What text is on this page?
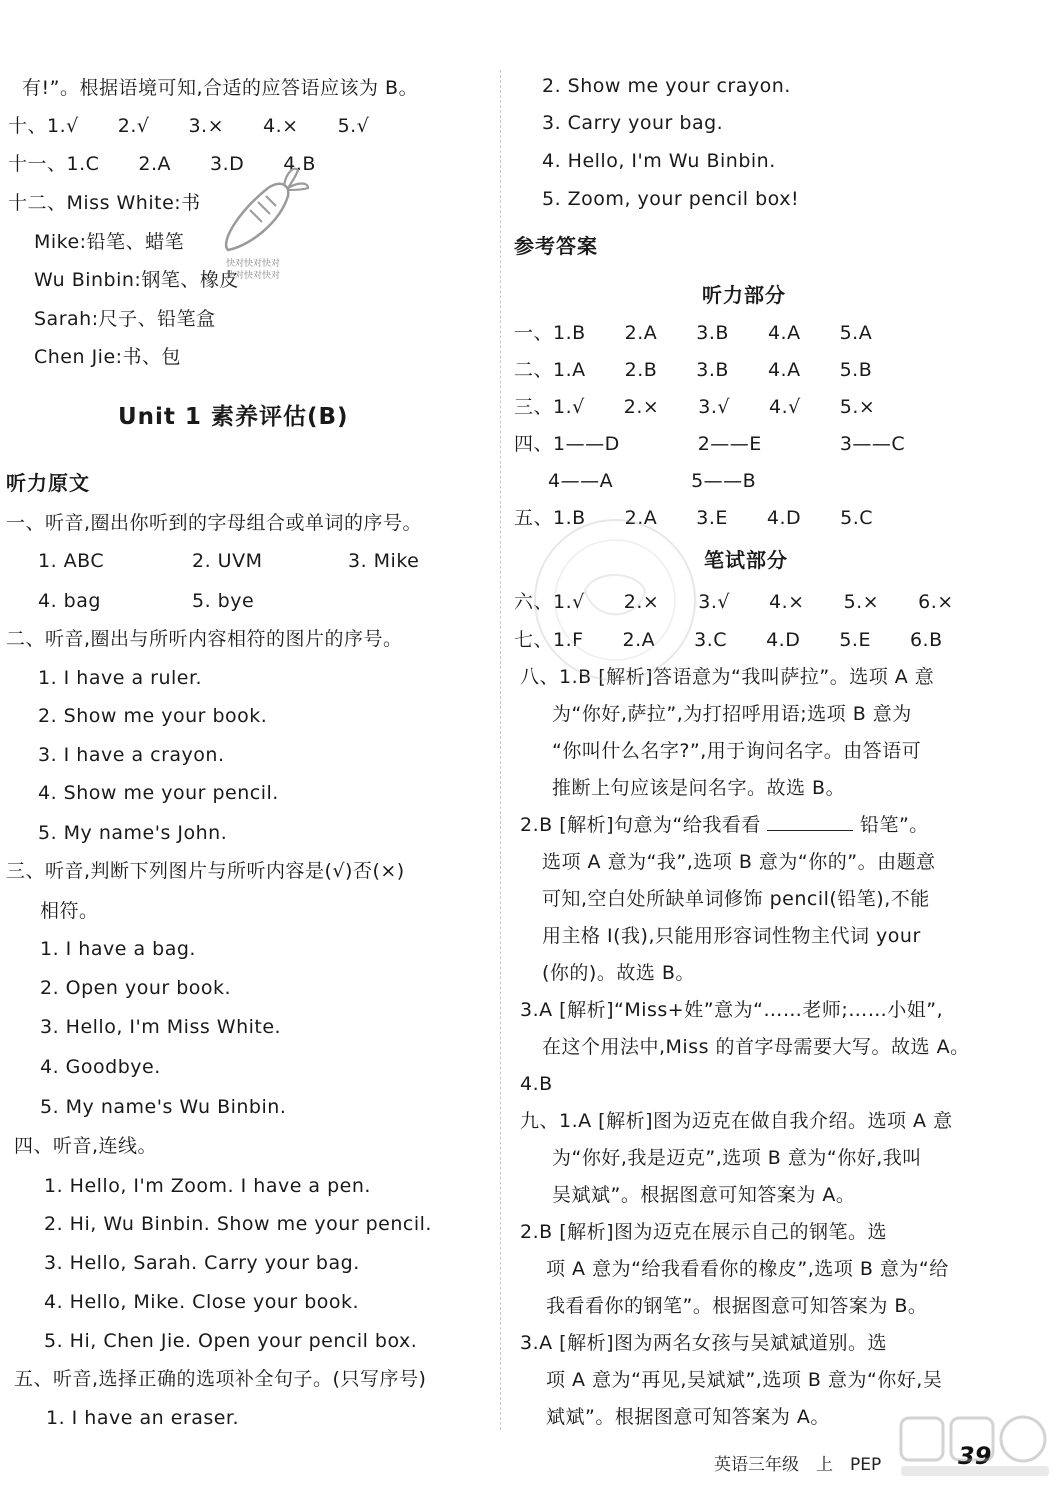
有!”。根据语境可知,合适的应答语应该为 B。
十、1.√　　2.√　　3.×　　4.×　　5.√
十一、1.C　　2.A　　3.D　　4.B
十二、Miss White:书
Mike:铅笔、蜡笔
Wu Binbin:钢笔、橡皮
Sarah:尺子、铅笔盒
Chen Jie:书、包
Unit 1 素养评估(B)
听力原文
一、听音,圈出你听到的字母组合或单词的序号。
1. ABC	2. UVM	3. Mike
4. bag	5. bye
二、听音,圈出与所听内容相符的图片的序号。
1. I have a ruler.
2. Show me your book.
3. I have a crayon.
4. Show me your pencil.
5. My name's John.
三、听音,判断下列图片与所听内容是(√)否(×)
相符。
1. I have a bag.
2. Open your book.
3. Hello, I'm Miss White.
4. Goodbye.
5. My name's Wu Binbin.
四、听音,连线。
1. Hello, I'm Zoom. I have a pen.
2. Hi, Wu Binbin. Show me your pencil.
3. Hello, Sarah. Carry your bag.
4. Hello, Mike. Close your book.
5. Hi, Chen Jie. Open your pencil box.
五、听音,选择正确的选项补全句子。(只写序号)
1. I have an eraser.
快对快对快对
快对快对快对
2. Show me your crayon.
3. Carry your bag.
4. Hello, I'm Wu Binbin.
5. Zoom, your pencil box!
参考答案
听力部分
一、1.B　　2.A　　3.B　　4.A　　5.A
二、1.A　　2.B　　3.B　　4.A　　5.B
三、1.√　　2.×　　3.√　　4.√　　5.×
四、1——D　　　　2——E　　　　3——C
4——A　　　　5——B
五、1.B　　2.A　　3.E　　4.D　　5.C
笔试部分
六、1.√　　2.×　　3.√　　4.×　　5.×　　6.×
七、1.F　　2.A　　3.C　　4.D　　5.E　　6.B
八、1.B [解析]答语意为“我叫萨拉”。选项 A 意
为“你好,萨拉”,为打招呼用语;选项 B 意为
“你叫什么名字?”,用于询问名字。由答语可
推断上句应该是问名字。故选 B。
2.B [解析]句意为“给我看看	铅笔”。
选项 A 意为“我”,选项 B 意为“你的”。由题意
可知,空白处所缺单词修饰 pencil(铅笔),不能
用主格 I(我),只能用形容词性物主代词 your
(你的)。故选 B。
3.A [解析]“Miss+姓”意为“……老师;……小姐”,
在这个用法中,Miss 的首字母需要大写。故选 A。
4.B
九、1.A [解析]图为迈克在做自我介绍。选项 A 意
为“你好,我是迈克”,选项 B 意为“你好,我叫
吴斌斌”。根据图意可知答案为 A。
2.B [解析]图为迈克在展示自己的钢笔。选
项 A 意为“给我看看你的橡皮”,选项 B 意为“给
我看看你的钢笔”。根据图意可知答案为 B。
3.A [解析]图为两名女孩与吴斌斌道别。选
项 A 意为“再见,吴斌斌”,选项 B 意为“你好,吴
斌斌”。根据图意可知答案为 A。
英语三年级　上　PEP	39
